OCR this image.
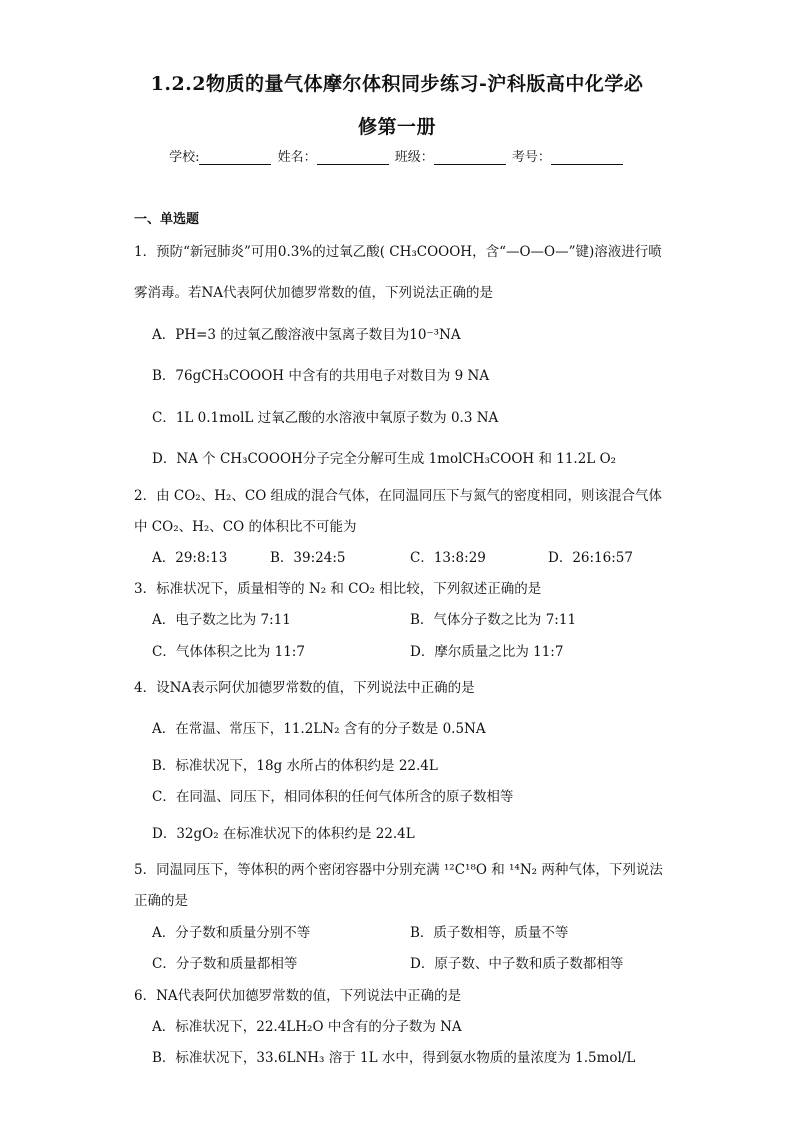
1.2.2物质的量气体摩尔体积同步练习-沪科版高中化学必
修第一册
学校:	姓名：	班级：	考号：
一、单选题
1．预防“新冠肺炎”可用0.3%的过氧乙酸( CH₃COOOH，含“—O—O—”键)溶液进行喷
雾消毒。若NA代表阿伏加德罗常数的值，下列说法正确的是
A．PH=3 的过氧乙酸溶液中氢离子数目为10⁻³NA
B．76gCH₃COOOH 中含有的共用电子对数目为 9 NA
C．1L 0.1molL 过氧乙酸的水溶液中氧原子数为 0.3 NA
D．NA 个 CH₃COOOH分子完全分解可生成 1molCH₃COOH 和 11.2L O₂
2．由 CO₂、H₂、CO 组成的混合气体，在同温同压下与氮气的密度相同，则该混合气体
中 CO₂、H₂、CO 的体积比不可能为
A．29:8:13	B．39:24:5	C．13:8:29	D．26:16:57
3．标准状况下，质量相等的 N₂ 和 CO₂ 相比较，下列叙述正确的是
A．电子数之比为 7:11	B．气体分子数之比为 7:11
C．气体体积之比为 11:7	D．摩尔质量之比为 11:7
4．设NA表示阿伏加德罗常数的值，下列说法中正确的是
A．在常温、常压下，11.2LN₂ 含有的分子数是 0.5NA
B．标准状况下，18g 水所占的体积约是 22.4L
C．在同温、同压下，相同体积的任何气体所含的原子数相等
D．32gO₂ 在标准状况下的体积约是 22.4L
5．同温同压下，等体积的两个密闭容器中分别充满 ¹²C¹⁸O 和 ¹⁴N₂ 两种气体，下列说法
正确的是
A．分子数和质量分别不等	B．质子数相等，质量不等
C．分子数和质量都相等	D．原子数、中子数和质子数都相等
6．NA代表阿伏加德罗常数的值，下列说法中正确的是
A．标准状况下，22.4LH₂O 中含有的分子数为 NA
B．标准状况下，33.6LNH₃ 溶于 1L 水中，得到氨水物质的量浓度为 1.5mol/L
